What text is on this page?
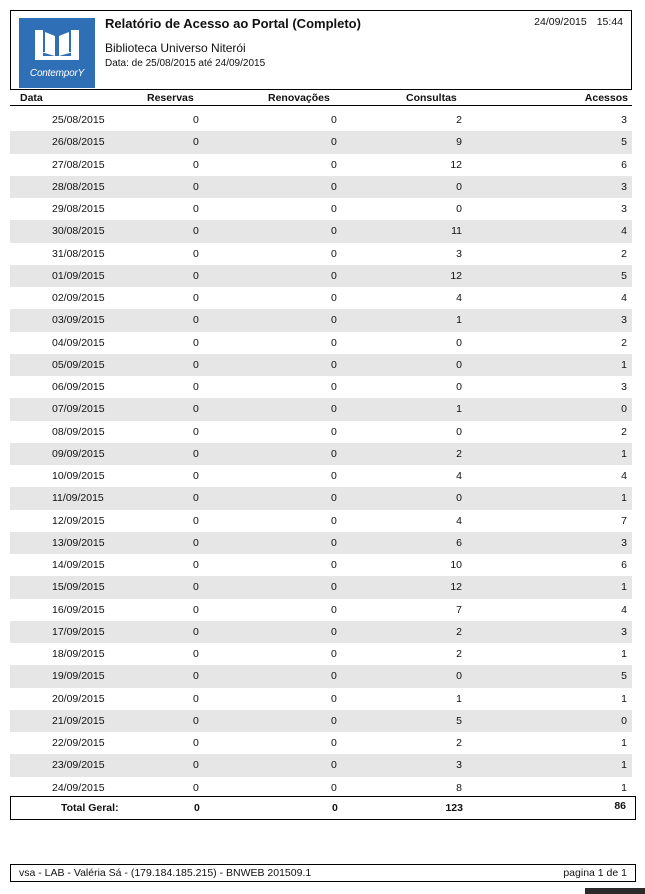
ContemporY
Relatório de Acesso ao Portal (Completo)	24/09/2015 15:44
Biblioteca Universo Niterói
Data: de 25/08/2015 até 24/09/2015
Data	Reservas	Renovações	Consultas	Acessos
25/08/2015	0	0	2	3
26/08/2015	0	0	9	5
27/08/2015	0	0	12	6
28/08/2015	0	0	0	3
29/08/2015	0	0	0	3
30/08/2015	0	0	11	4
31/08/2015	0	0	3	2
01/09/2015	0	0	12	5
02/09/2015	0	0	4	4
03/09/2015	0	0	1	3
04/09/2015	0	0	0	2
05/09/2015	0	0	0	1
06/09/2015	0	0	0	3
07/09/2015	0	0	1	0
08/09/2015	0	0	0	2
09/09/2015	0	0	2	1
10/09/2015	0	0	4	4
11/09/2015	0	0	0	1
12/09/2015	0	0	4	7
13/09/2015	0	0	6	3
14/09/2015	0	0	10	6
15/09/2015	0	0	12	1
16/09/2015	0	0	7	4
17/09/2015	0	0	2	3
18/09/2015	0	0	2	1
19/09/2015	0	0	0	5
20/09/2015	0	0	1	1
21/09/2015	0	0	5	0
22/09/2015	0	0	2	1
23/09/2015	0	0	3	1
24/09/2015	0	0	8	1
Total Geral:	0	0	123	86
vsa - LAB - Valéria Sá - (179.184.185.215) - BNWEB 201509.1	pagina 1 de 1
